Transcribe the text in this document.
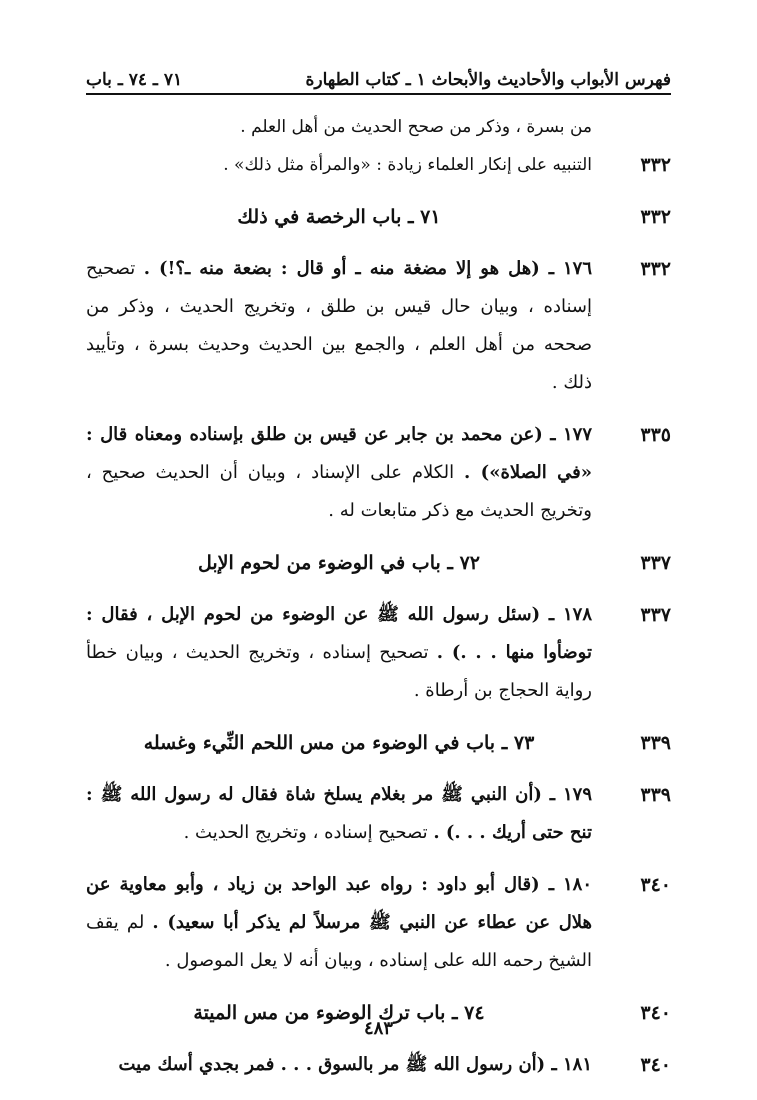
فهرس الأبواب والأحاديث والأبحاث ١ ـ كتاب الطهارة
٧١ ـ ٧٤ ـ باب
من بسرة ، وذكر من صحح الحديث من أهل العلم .
٣٣٢
التنبيه على إنكار العلماء زيادة : «والمرأة مثل ذلك» .
٣٣٢
٧١ ـ باب الرخصة في ذلك
٣٣٢
١٧٦ ـ (هل هو إلا مضغة منه ـ أو قال : بضعة منه ـ؟!) . تصحيح إسناده ، وبيان حال قيس بن طلق ، وتخريج الحديث ، وذكر من صححه من أهل العلم ، والجمع بين الحديث وحديث بسرة ، وتأييد ذلك .
٣٣٥
١٧٧ ـ (عن محمد بن جابر عن قيس بن طلق بإسناده ومعناه قال : «في الصلاة») . الكلام على الإسناد ، وبيان أن الحديث صحيح ، وتخريج الحديث مع ذكر متابعات له .
٣٣٧
٧٢ ـ باب في الوضوء من لحوم الإبل
٣٣٧
١٧٨ ـ (سئل رسول الله ﷺ عن الوضوء من لحوم الإبل ، فقال : توضأوا منها . . .) . تصحيح إسناده ، وتخريج الحديث ، وبيان خطأ رواية الحجاج بن أرطاة .
٣٣٩
٧٣ ـ باب في الوضوء من مس اللحم النِّيء وغسله
٣٣٩
١٧٩ ـ (أن النبي ﷺ مر بغلام يسلخ شاة فقال له رسول الله ﷺ : تنح حتى أريك . . .) . تصحيح إسناده ، وتخريج الحديث .
٣٤٠
١٨٠ ـ (قال أبو داود : رواه عبد الواحد بن زياد ، وأبو معاوية عن هلال عن عطاء عن النبي ﷺ مرسلاً لم يذكر أبا سعيد) . لم يقف الشيخ رحمه الله على إسناده ، وبيان أنه لا يعل الموصول .
٣٤٠
٧٤ ـ باب ترك الوضوء من مس الميتة
٣٤٠
١٨١ ـ (أن رسول الله ﷺ مر بالسوق . . . فمر بجدي أسك ميت
٤٨٣
